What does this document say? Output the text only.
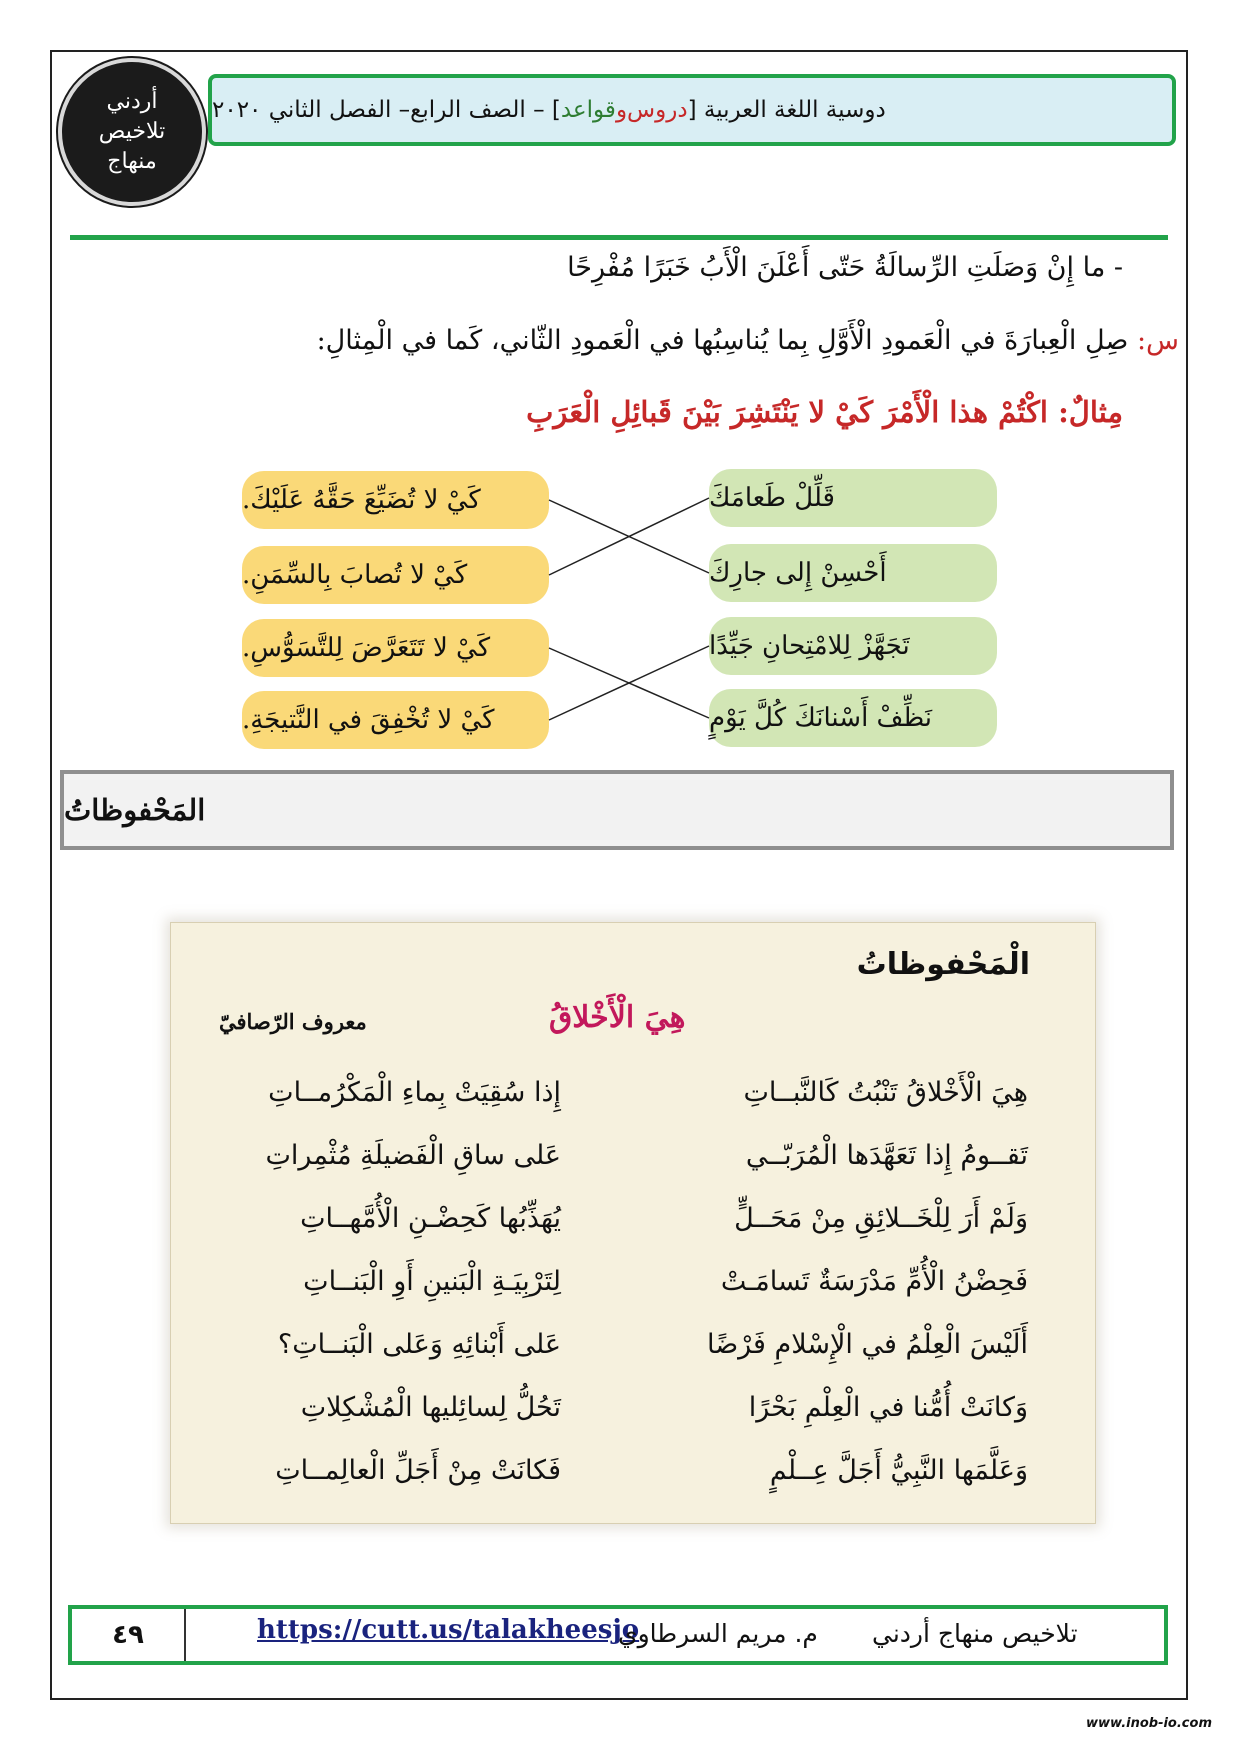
أردني
تلاخيص
منهاج
دوسية اللغة العربية [
دروس
و
قواعد
] – الصف الرابع– الفصل الثاني ٢٠٢٠
- ما إِنْ وَصَلَتِ الرِّسالَةُ حَتّى أَعْلَنَ الْأَبُ خَبَرًا مُفْرِحًا
س: صِلِ الْعِبارَةَ في الْعَمودِ الْأَوَّلِ بِما يُناسِبُها في الْعَمودِ الثّاني، كَما في الْمِثالِ:
مِثالٌ: اكْتُمْ هذا الْأَمْرَ كَيْ لا يَنْتَشِرَ بَيْنَ قَبائِلِ الْعَرَبِ
قَلِّلْ طَعامَكَ
أَحْسِنْ إِلى جارِكَ
تَجَهَّزْ لِلامْتِحانِ جَيِّدًا
نَظِّفْ أَسْنانَكَ كُلَّ يَوْمٍ
كَيْ لا تُضَيِّعَ حَقَّهُ عَلَيْكَ.
كَيْ لا تُصابَ بِالسِّمَنِ.
كَيْ لا تَتَعَرَّضَ لِلتَّسَوُّسِ.
كَيْ لا تُخْفِقَ في النَّتيجَةِ.
المَحْفوظاتُ
الْمَحْفوظاتُ
هِيَ الْأَخْلاقُ
معروف الرّصافيّ
هِيَ الْأَخْلاقُ تَنْبُتُ كَالنَّبــاتِ
إِذا سُقِيَتْ بِماءِ الْمَكْرُمــاتِ
تَقــومُ إِذا تَعَهَّدَها الْمُرَبّــي
عَلى ساقِ الْفَضيلَةِ مُثْمِراتِ
وَلَمْ أَرَ لِلْخَــلائِقِ مِنْ مَحَــلٍّ
يُهَذِّبُها كَحِضْـنِ الْأُمَّهــاتِ
فَحِضْنُ الْأُمِّ مَدْرَسَةٌ تَسامَـتْ
لِتَرْبِيَـةِ الْبَنينِ أَوِ الْبَنــاتِ
أَلَيْسَ الْعِلْمُ في الْإِسْلامِ فَرْضًا
عَلى أَبْنائِهِ وَعَلى الْبَنــاتِ؟
وَكانَتْ أُمُّنا في الْعِلْمِ بَحْرًا
تَحُلُّ لِسائِليها الْمُشْكِلاتِ
وَعَلَّمَها النَّبِيُّ أَجَلَّ عِــلْمٍ
فَكانَتْ مِنْ أَجَلِّ الْعالِمــاتِ
٤٩	https://cutt.us/talakheesjo
م. مريم السرطاوي تلاخيص منهاج أردني
www.inob-io.com
